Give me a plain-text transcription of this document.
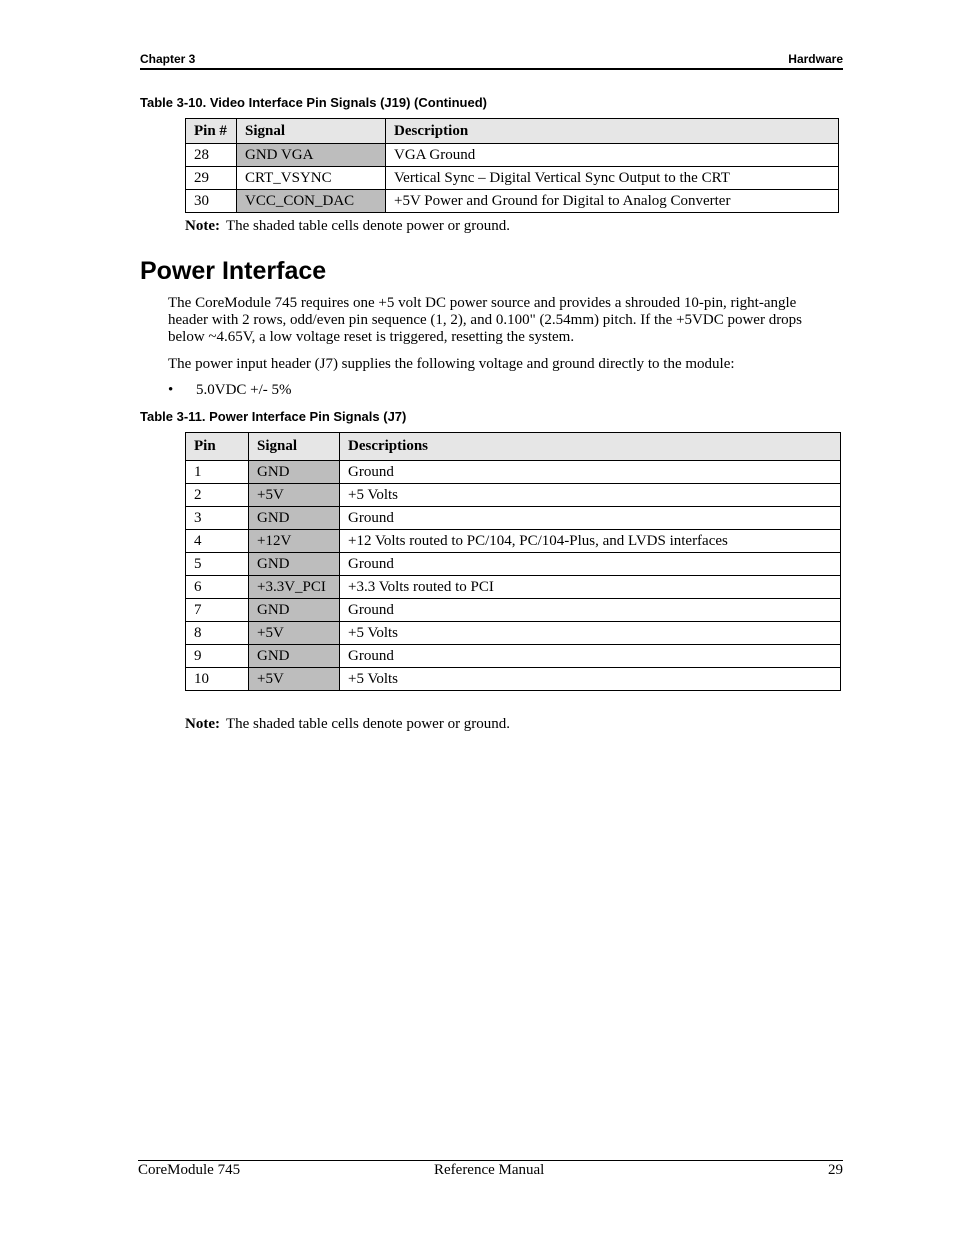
Chapter 3	Hardware
Table 3-10. Video Interface Pin Signals (J19) (Continued)
Pin #	Signal	Description
28	GND VGA	VGA Ground
29	CRT_VSYNC	Vertical Sync – Digital Vertical Sync Output to the CRT
30	VCC_CON_DAC	+5V Power and Ground for Digital to Analog Converter
Note: The shaded table cells denote power or ground.
Power Interface

The CoreModule 745 requires one +5 volt DC power source and provides a shrouded 10-pin, right-angle header with 2 rows, odd/even pin sequence (1, 2), and 0.100" (2.54mm) pitch. If the +5VDC power drops below ~4.65V, a low voltage reset is triggered, resetting the system.

The power input header (J7) supplies the following voltage and ground directly to the module:

• 5.0VDC +/- 5%
Table 3-11. Power Interface Pin Signals (J7)
Pin	Signal	Descriptions
1	GND	Ground
2	+5V	+5 Volts
3	GND	Ground
4	+12V	+12 Volts routed to PC/104, PC/104-Plus, and LVDS interfaces
5	GND	Ground
6	+3.3V_PCI	+3.3 Volts routed to PCI
7	GND	Ground
8	+5V	+5 Volts
9	GND	Ground
10	+5V	+5 Volts
Note: The shaded table cells denote power or ground.
CoreModule 745	Reference Manual	29
